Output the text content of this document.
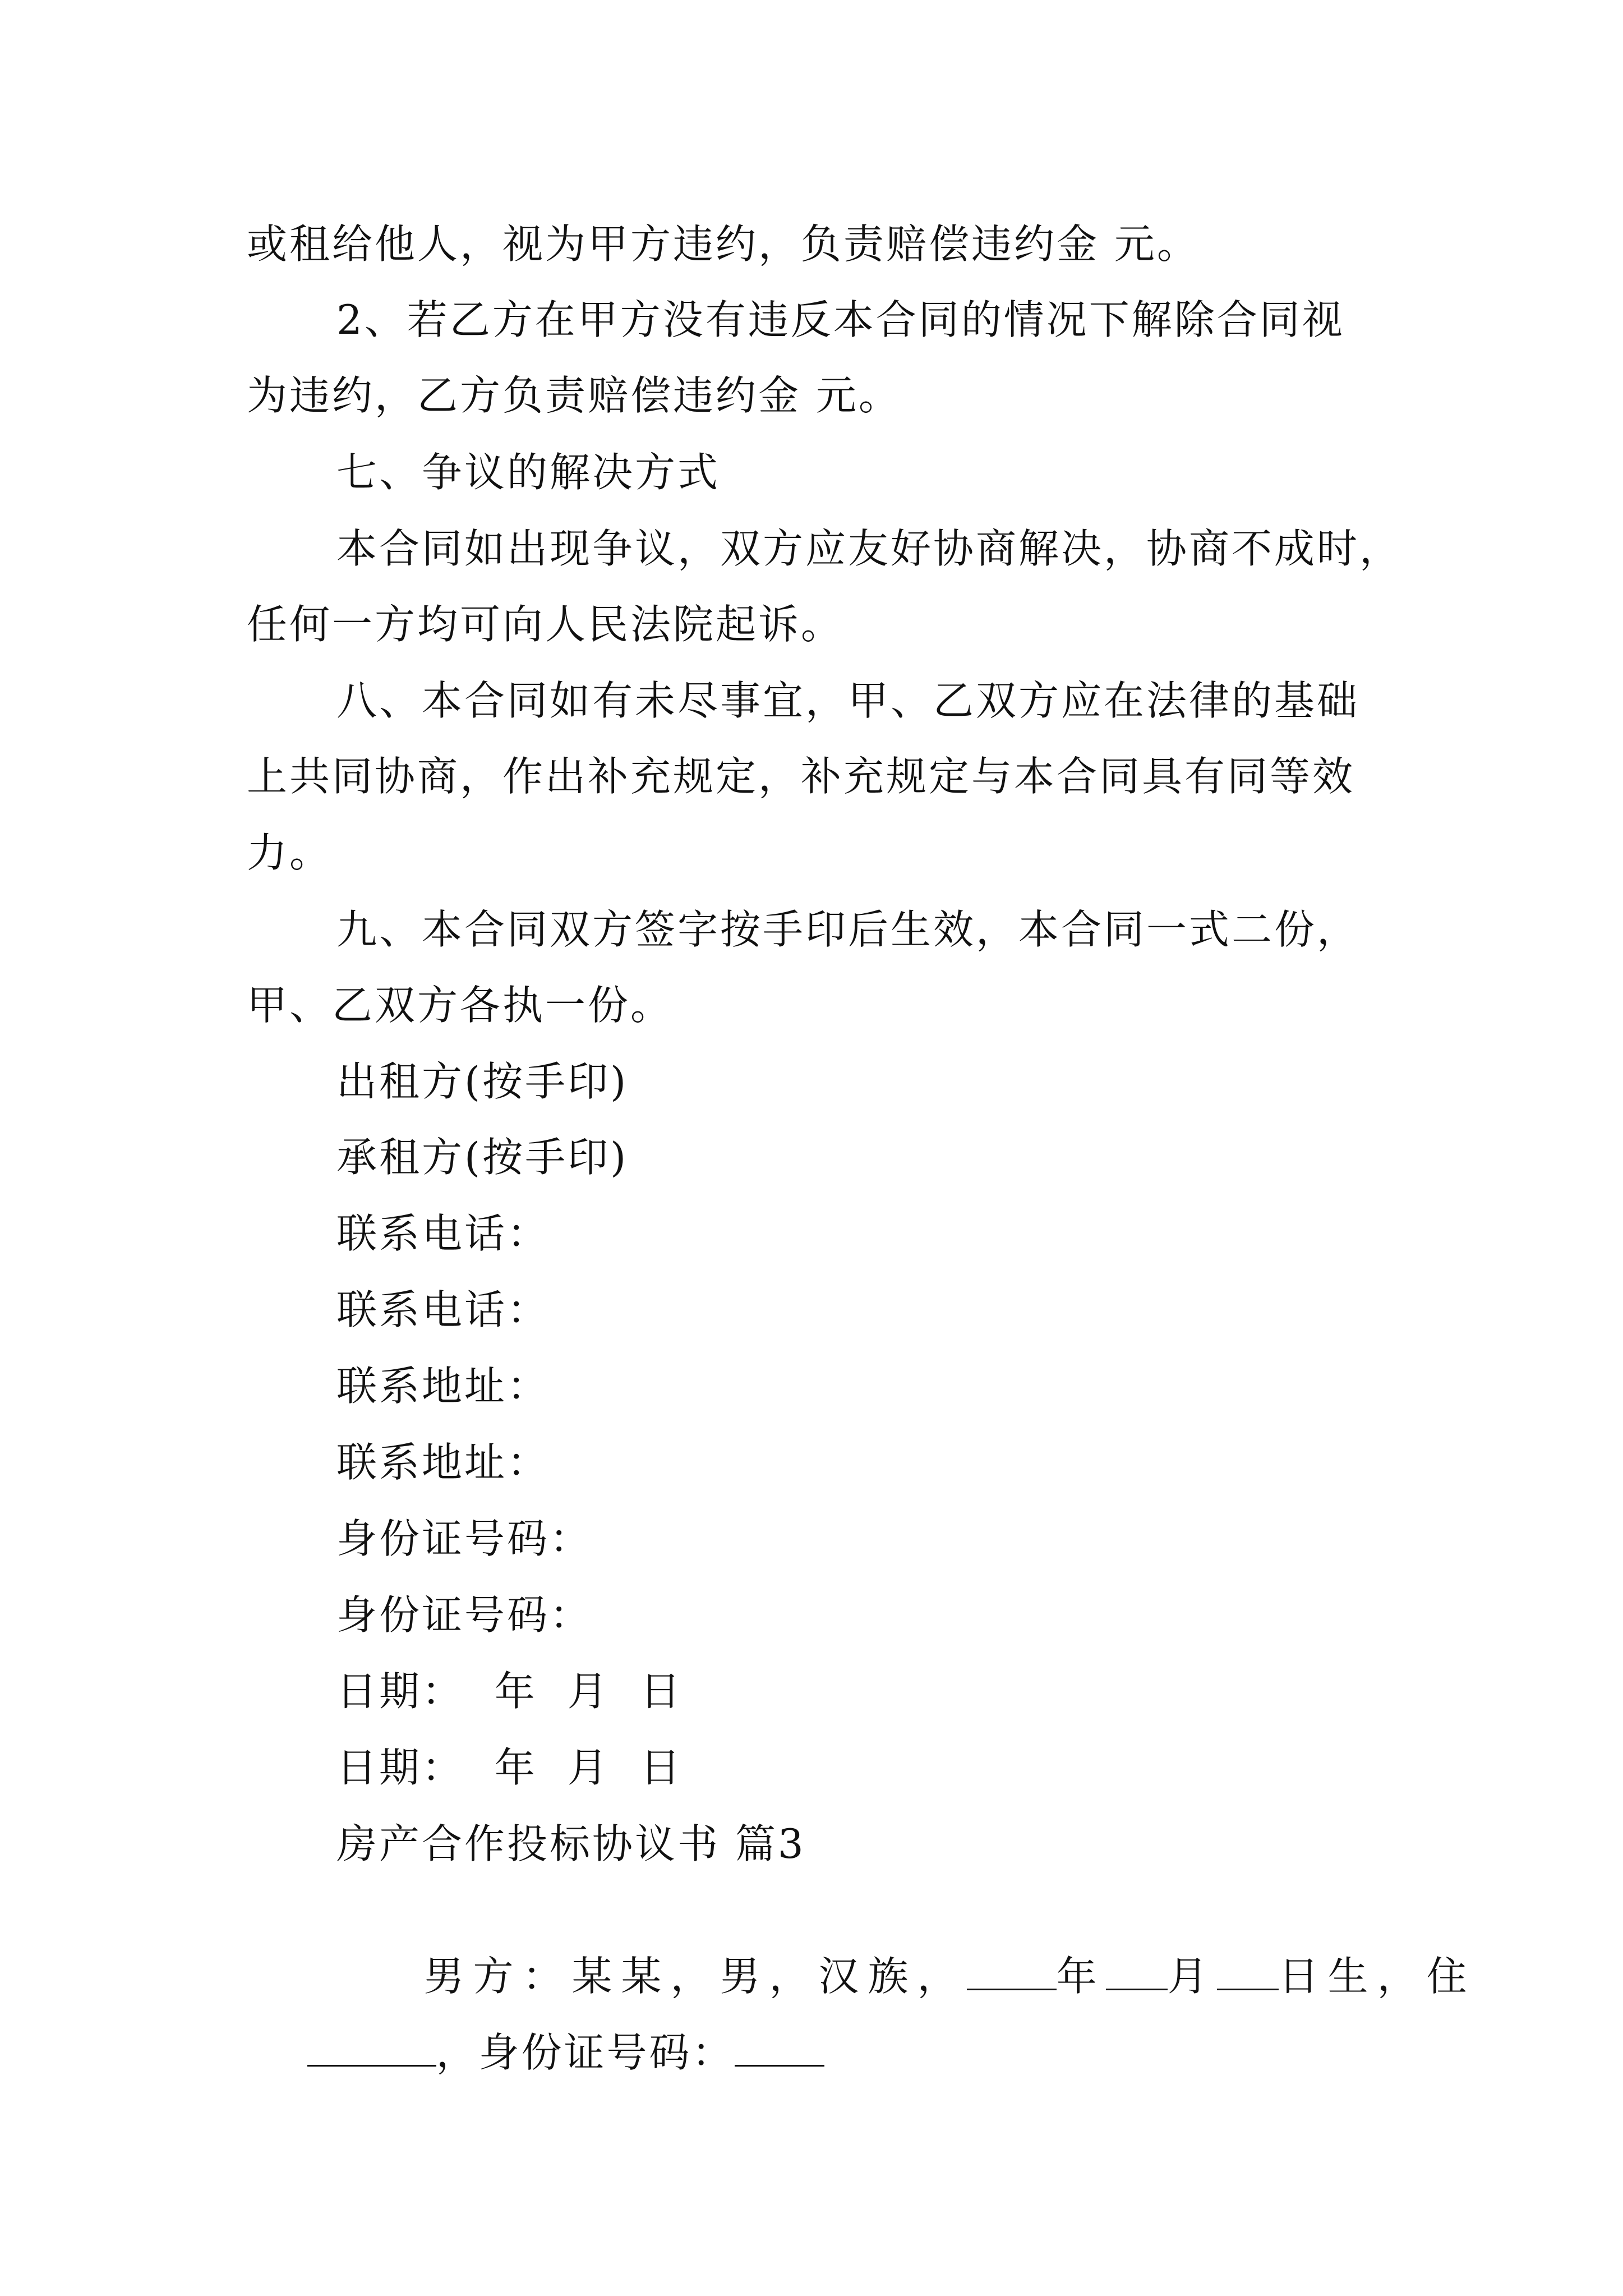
或租给他人，视为甲方违约，负责赔偿违约金 元。
2、若乙方在甲方没有违反本合同的情况下解除合同视
为违约，乙方负责赔偿违约金 元。
七、争议的解决方式
本合同如出现争议，双方应友好协商解决，协商不成时，
任何一方均可向人民法院起诉。
八、本合同如有未尽事宜，甲、乙双方应在法律的基础
上共同协商，作出补充规定，补充规定与本合同具有同等效
力。
九、本合同双方签字按手印后生效，本合同一式二份，
甲、乙双方各执一份。
出租方(按手印)
承租方(按手印)
联系电话：
联系电话：
联系地址：
联系地址：
身份证号码：
身份证号码：
日期：  年  月  日
日期：  年  月  日
房产合作投标协议书 篇3

男方：某某，男，汉族， 年 月 日生，住

，身份证号码：
